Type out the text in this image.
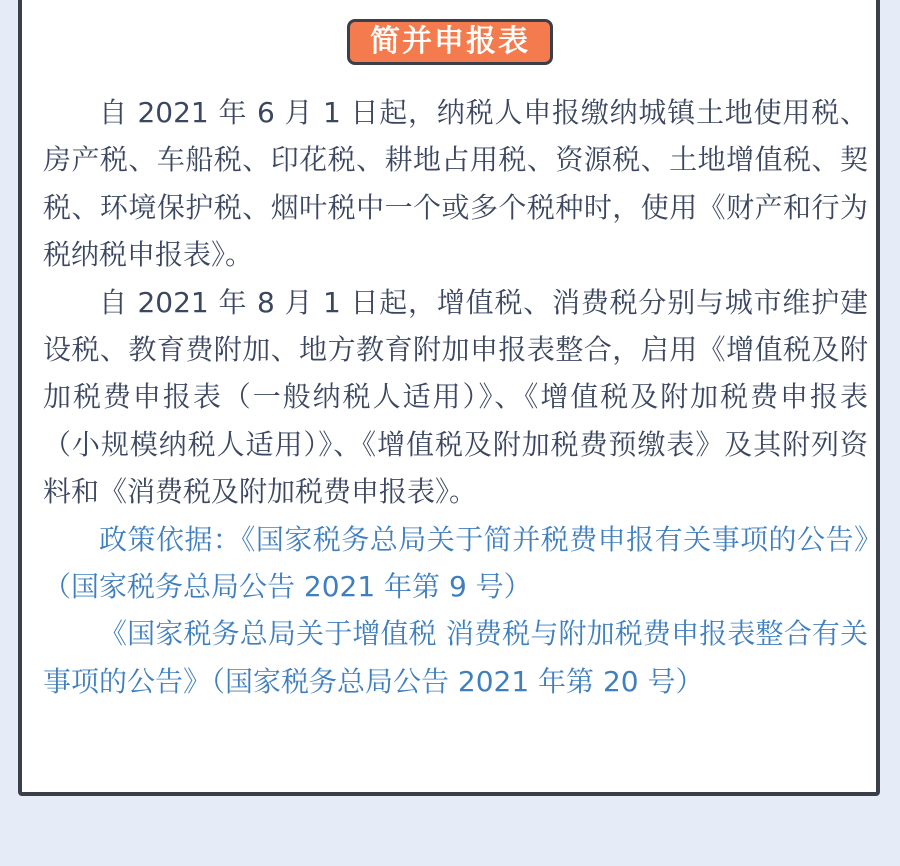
简并申报表

自 2021 年 6 月 1 日起，纳税人申报缴纳城镇土地使用税、房产税、车船税、印花税、耕地占用税、资源税、土地增值税、契税、环境保护税、烟叶税中一个或多个税种时，使用《财产和行为税纳税申报表》。

自 2021 年 8 月 1 日起，增值税、消费税分别与城市维护建设税、教育费附加、地方教育附加申报表整合，启用《增值税及附加税费申报表（一般纳税人适用）》、《增值税及附加税费申报表（小规模纳税人适用）》、《增值税及附加税费预缴表》及其附列资料和《消费税及附加税费申报表》。

政策依据：《国家税务总局关于简并税费申报有关事项的公告》（国家税务总局公告 2021 年第 9 号）

《国家税务总局关于增值税 消费税与附加税费申报表整合有关事项的公告》（国家税务总局公告 2021 年第 20 号）
